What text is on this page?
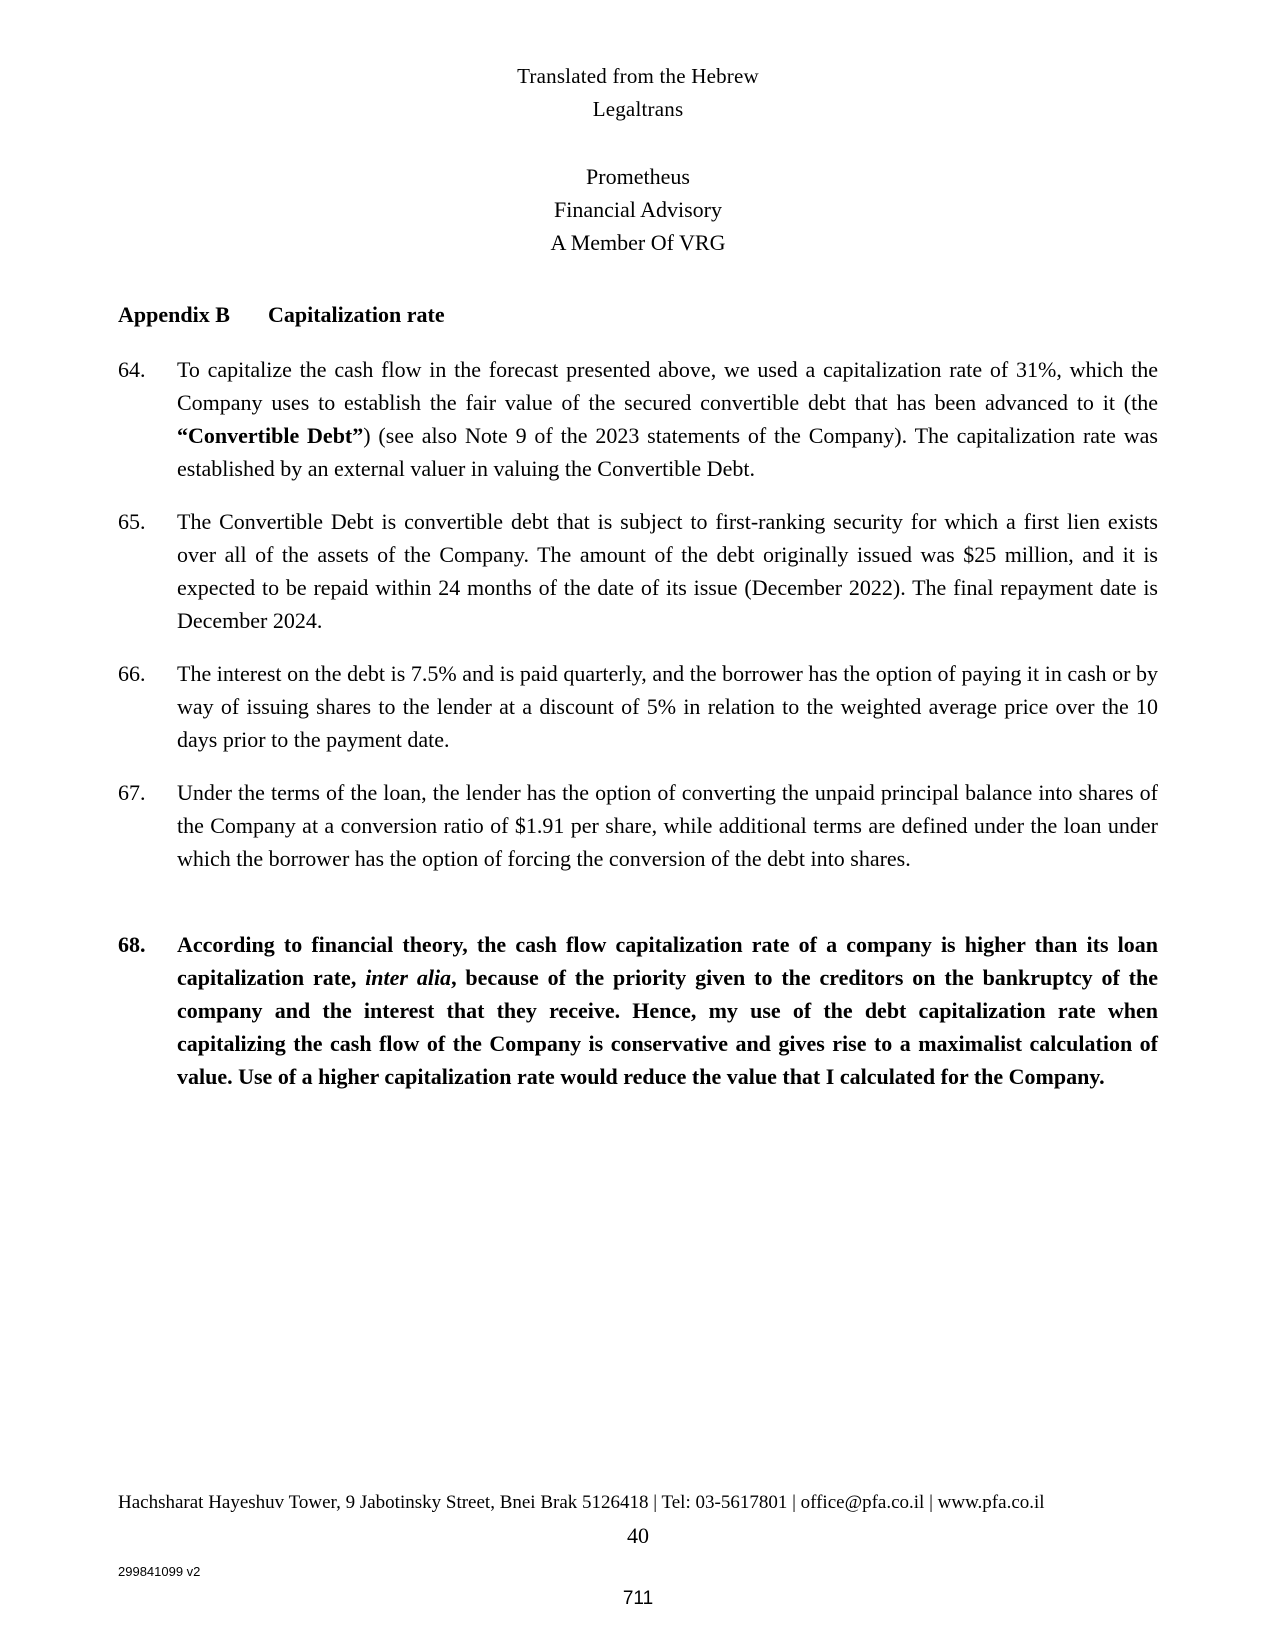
Translated from the Hebrew
Legaltrans
Prometheus
Financial Advisory
A Member Of VRG
Appendix B Capitalization rate
64. To capitalize the cash flow in the forecast presented above, we used a capitalization rate of 31%, which the Company uses to establish the fair value of the secured convertible debt that has been advanced to it (the “Convertible Debt”) (see also Note 9 of the 2023 statements of the Company). The capitalization rate was established by an external valuer in valuing the Convertible Debt.
65. The Convertible Debt is convertible debt that is subject to first-ranking security for which a first lien exists over all of the assets of the Company. The amount of the debt originally issued was $25 million, and it is expected to be repaid within 24 months of the date of its issue (December 2022). The final repayment date is December 2024.
66. The interest on the debt is 7.5% and is paid quarterly, and the borrower has the option of paying it in cash or by way of issuing shares to the lender at a discount of 5% in relation to the weighted average price over the 10 days prior to the payment date.
67. Under the terms of the loan, the lender has the option of converting the unpaid principal balance into shares of the Company at a conversion ratio of $1.91 per share, while additional terms are defined under the loan under which the borrower has the option of forcing the conversion of the debt into shares.
68. According to financial theory, the cash flow capitalization rate of a company is higher than its loan capitalization rate, inter alia, because of the priority given to the creditors on the bankruptcy of the company and the interest that they receive. Hence, my use of the debt capitalization rate when capitalizing the cash flow of the Company is conservative and gives rise to a maximalist calculation of value. Use of a higher capitalization rate would reduce the value that I calculated for the Company.
Hachsharat Hayeshuv Tower, 9 Jabotinsky Street, Bnei Brak 5126418 | Tel: 03-5617801 | office@pfa.co.il | www.pfa.co.il
40
299841099 v2
711
